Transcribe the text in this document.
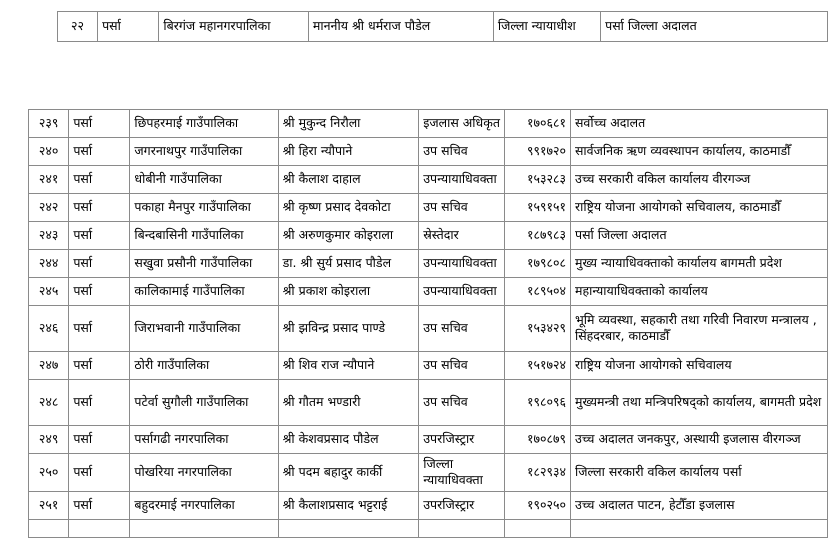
२२	पर्सा	बिरगंज महानगरपालिका	माननीय श्री धर्मराज पौडेल	जिल्ला न्यायाधीश	पर्सा जिल्ला अदालत
२३९	पर्सा	छिपहरमाई गाउँपालिका	श्री मुकुन्द निरौला	इजलास अधिकृत	१७०६८१	सर्वोच्च अदालत
२४०	पर्सा	जगरनाथपुर गाउँपालिका	श्री हिरा न्यौपाने	उप सचिव	९९१७२०	सार्वजनिक ऋण व्यवस्थापन कार्यालय, काठमाडौँ
२४१	पर्सा	धोबीनी गाउँपालिका	श्री कैलाश दाहाल	उपन्यायाधिवक्ता	१५३२८३	उच्च सरकारी वकिल कार्यालय वीरगञ्ज
२४२	पर्सा	पकाहा मैनपुर गाउँपालिका	श्री कृष्ण प्रसाद देवकोटा	उप सचिव	१५९१५१	राष्ट्रिय योजना आयोगको सचिवालय, काठमाडौँ
२४३	पर्सा	बिन्दबासिनी गाउँपालिका	श्री अरुणकुमार कोइराला	स्रेस्तेदार	१८७९८३	पर्सा जिल्ला अदालत
२४४	पर्सा	सखुवा प्रसौनी गाउँपालिका	डा. श्री सुर्य प्रसाद पौडेल	उपन्यायाधिवक्ता	१७९८०८	मुख्य न्यायाधिवक्ताको कार्यालय बागमती प्रदेश
२४५	पर्सा	कालिकामाई गाउँपालिका	श्री प्रकाश कोइराला	उपन्यायाधिवक्ता	१८९५०४	महान्यायाधिवक्ताको कार्यालय
२४६	पर्सा	जिराभवानी गाउँपालिका	श्री झविन्द्र प्रसाद पाण्डे	उप सचिव	१५३४२९	भूमि व्यवस्था, सहकारी तथा गरिवी निवारण मन्त्रालय , सिंहदरबार, काठमाडौँ
२४७	पर्सा	ठोरी गाउँपालिका	श्री शिव राज न्यौपाने	उप सचिव	१५१७२४	राष्ट्रिय योजना आयोगको सचिवालय
२४८	पर्सा	पटेर्वा सुगौली गाउँपालिका	श्री गौतम भण्डारी	उप सचिव	१९८०९६	मुख्यमन्त्री तथा मन्त्रिपरिषद्को कार्यालय, बागमती प्रदेश
२४९	पर्सा	पर्सागढी नगरपालिका	श्री केशवप्रसाद पौडेल	उपरजिस्ट्रार	१७०८७९	उच्च अदालत जनकपुर, अस्थायी इजलास वीरगञ्ज
२५०	पर्सा	पोखरिया नगरपालिका	श्री पदम बहादुर कार्की	जिल्ला न्यायाधिवक्ता	१८२९३४	जिल्ला सरकारी वकिल कार्यालय पर्सा
२५१	पर्सा	बहुदरमाई नगरपालिका	श्री कैलाशप्रसाद भट्टराई	उपरजिस्ट्रार	१९०२५०	उच्च अदालत पाटन, हेटौँडा इजलास
